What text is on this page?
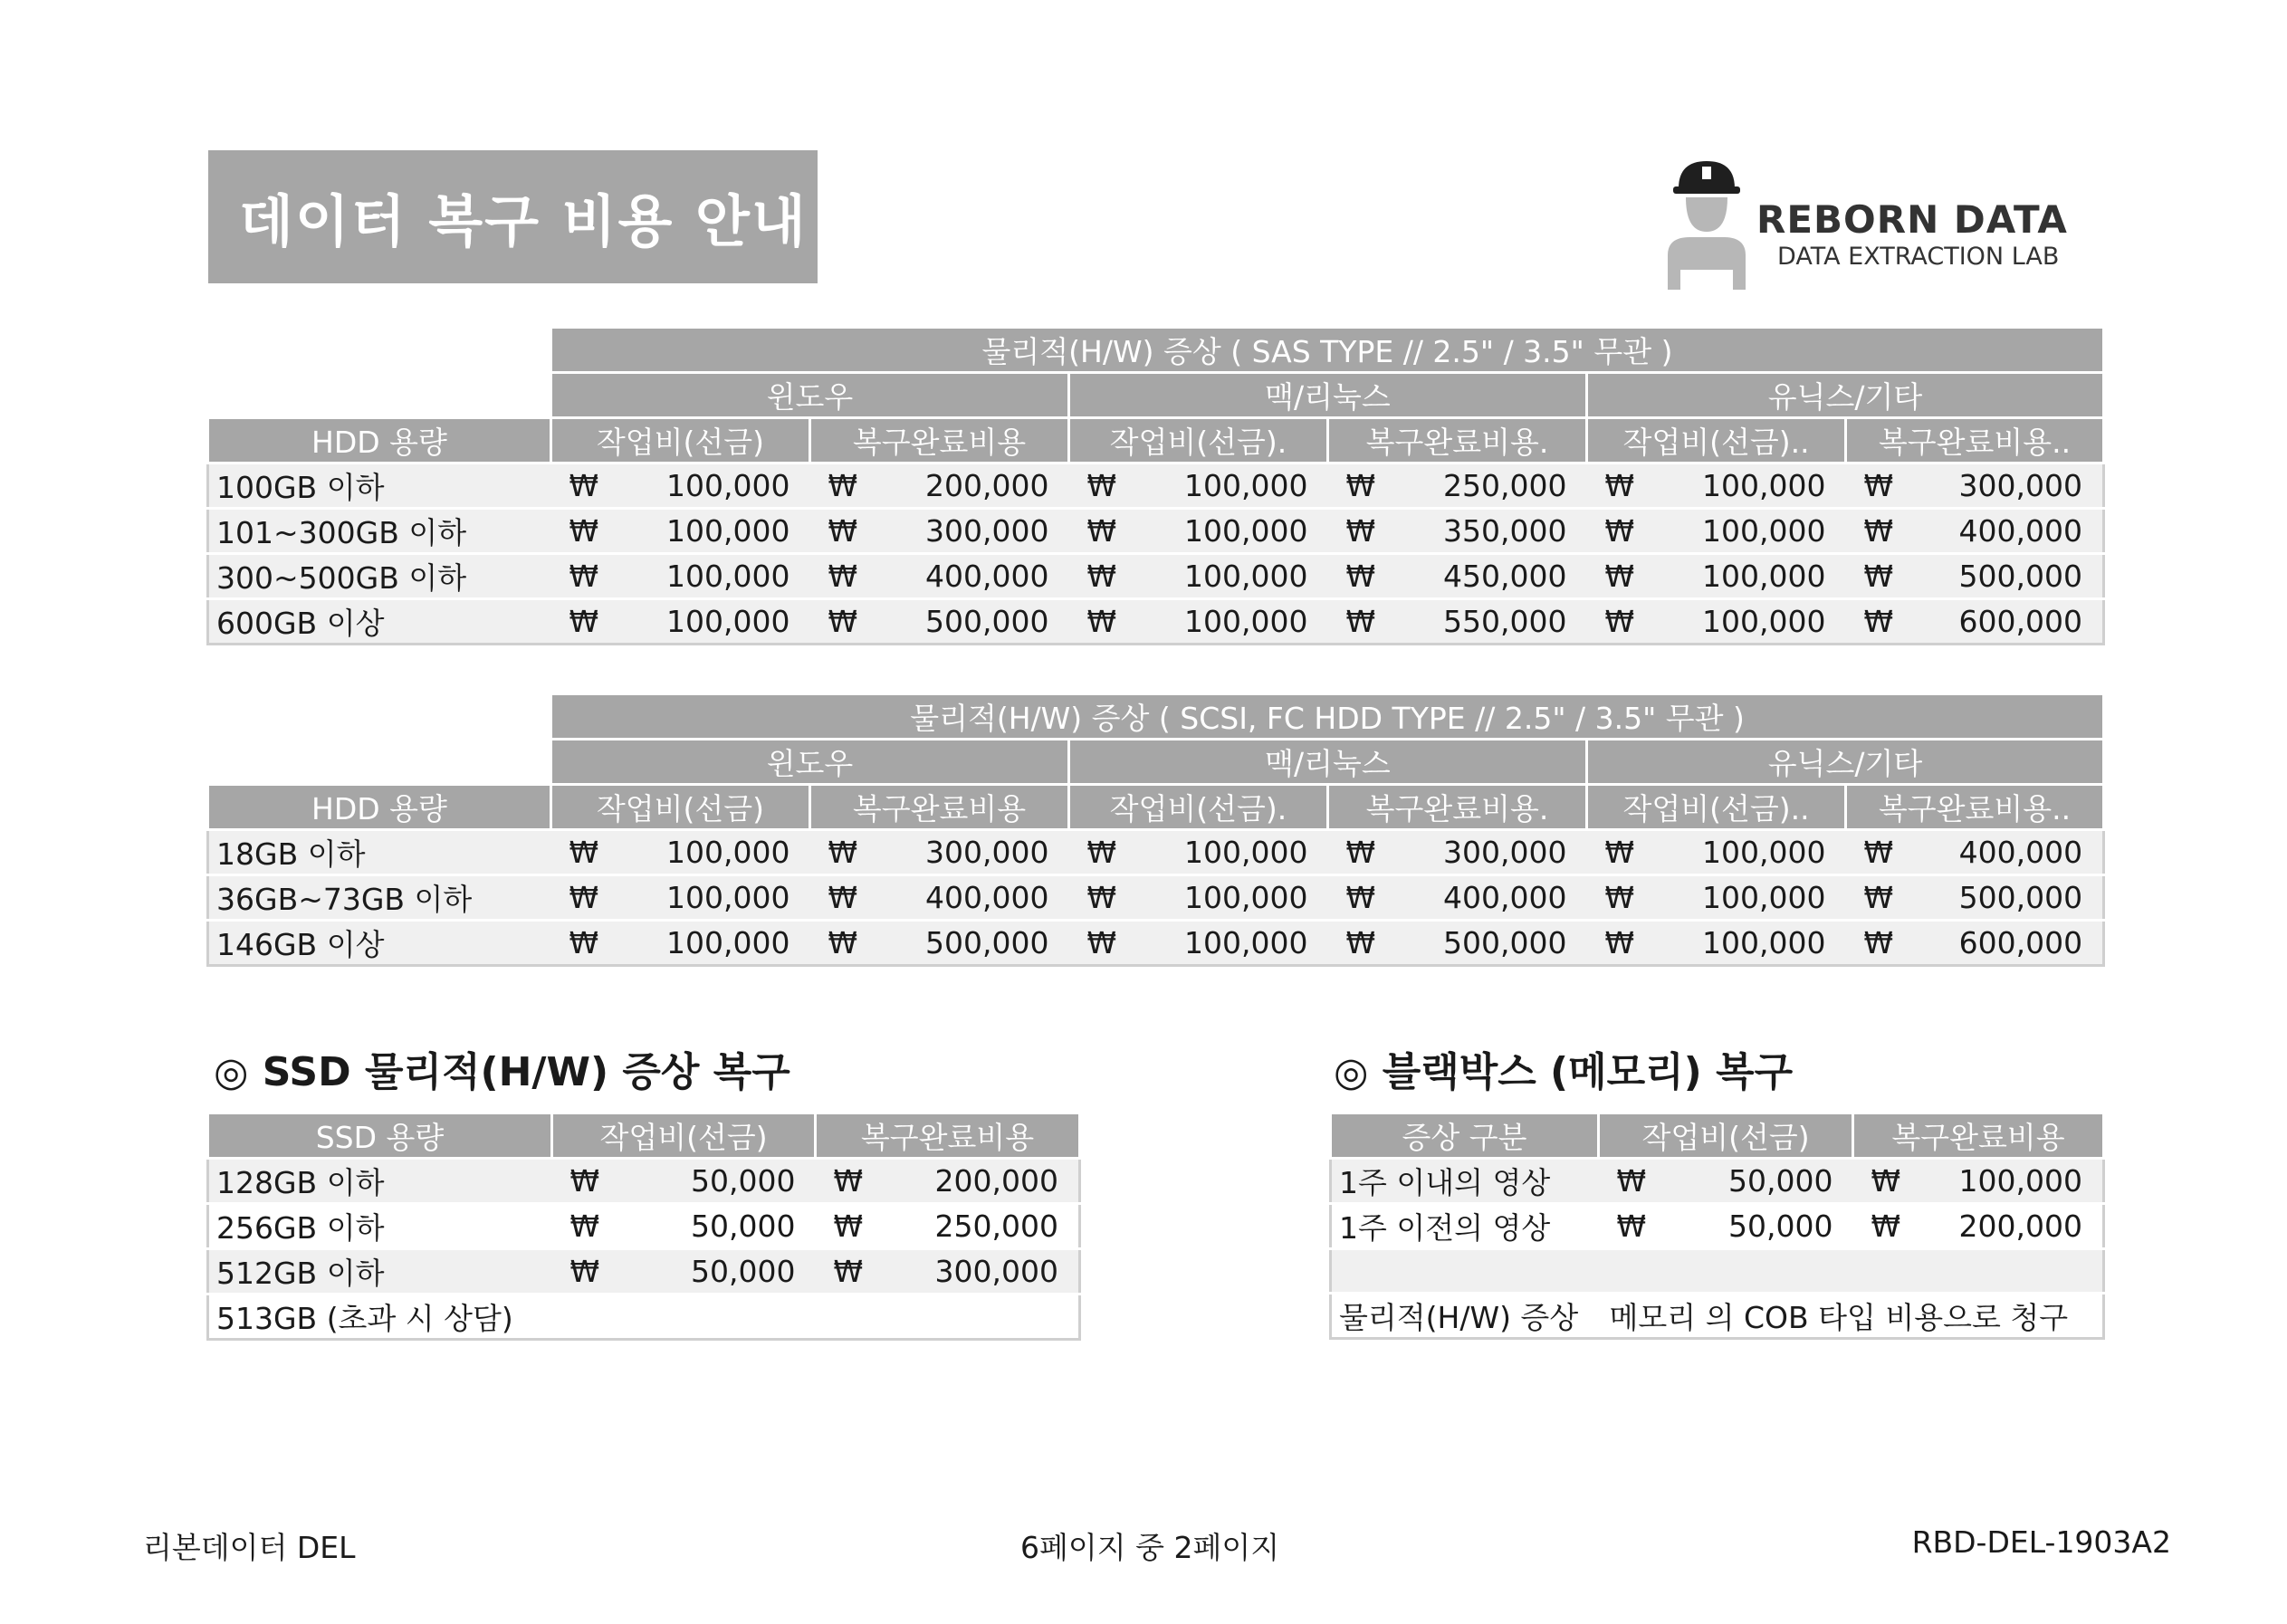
데이터 복구 비용 안내	REBORN DATA
DATA EXTRACTION LAB
	물리적(H/W) 증상 ( SAS TYPE // 2.5" / 3.5" 무관 )											
	윈도우				맥/리눅스				유닉스/기타			
HDD 용량	작업비(선금)		복구완료비용		작업비(선금).		복구완료비용.		작업비(선금)..		복구완료비용..	
100GB 이하	₩	100,000	₩	200,000	₩	100,000	₩	250,000	₩	100,000	₩	300,000
101~300GB 이하	₩	100,000	₩	300,000	₩	100,000	₩	350,000	₩	100,000	₩	400,000
300~500GB 이하	₩	100,000	₩	400,000	₩	100,000	₩	450,000	₩	100,000	₩	500,000
600GB 이상	₩	100,000	₩	500,000	₩	100,000	₩	550,000	₩	100,000	₩	600,000
	물리적(H/W) 증상 ( SCSI, FC HDD TYPE // 2.5" / 3.5" 무관 )											
	윈도우				맥/리눅스				유닉스/기타			
HDD 용량	작업비(선금)		복구완료비용		작업비(선금).		복구완료비용.		작업비(선금)..		복구완료비용..	
18GB 이하	₩	100,000	₩	300,000	₩	100,000	₩	300,000	₩	100,000	₩	400,000
36GB~73GB 이하	₩	100,000	₩	400,000	₩	100,000	₩	400,000	₩	100,000	₩	500,000
146GB 이상	₩	100,000	₩	500,000	₩	100,000	₩	500,000	₩	100,000	₩	600,000
◎ SSD 물리적(H/W) 증상 복구
SSD 용량	작업비(선금)		복구완료비용	
128GB 이하	₩	50,000	₩	200,000
256GB 이하	₩	50,000	₩	250,000
512GB 이하	₩	50,000	₩	300,000
513GB (초과 시 상담)				
◎ 블랙박스 (메모리) 복구
증상 구분	작업비(선금)		복구완료비용	
1주 이내의 영상	₩	50,000	₩	100,000
1주 이전의 영상	₩	50,000	₩	200,000

물리적(H/W) 증상	메모리 의 COB 타입 비용으로 청구			
리본데이터 DEL	6페이지 중 2페이지	RBD-DEL-1903A2
